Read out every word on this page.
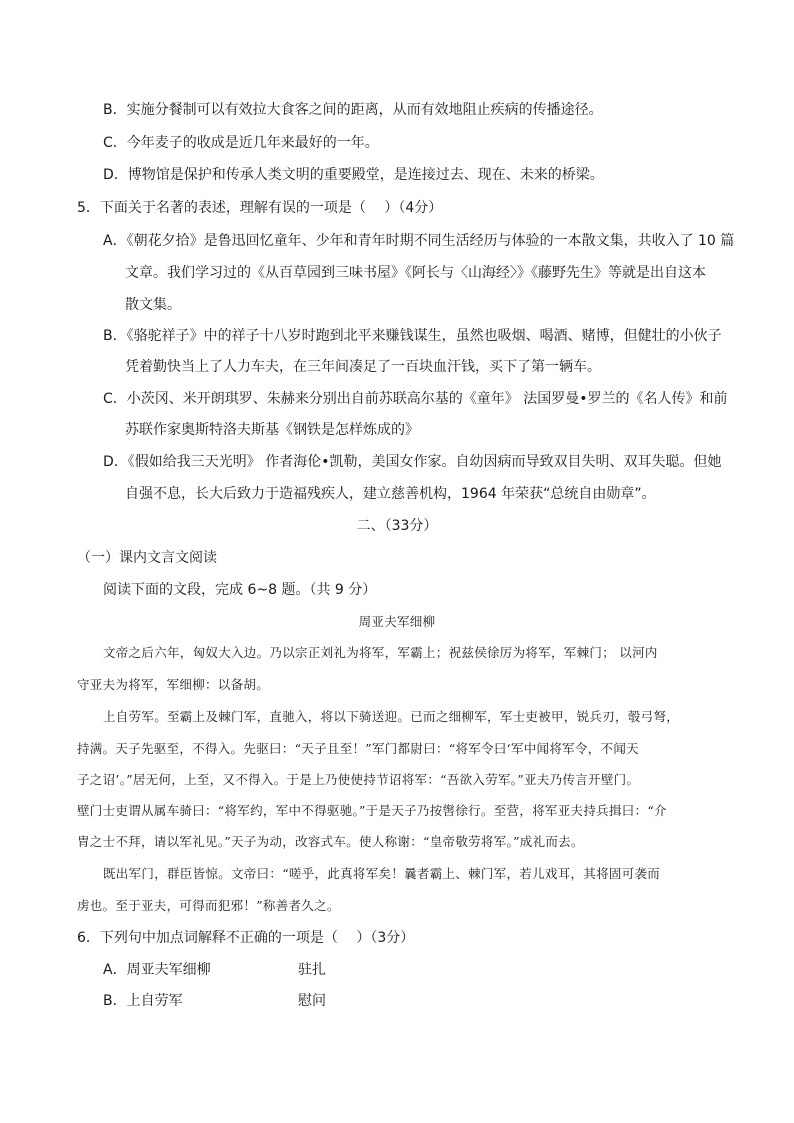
B．实施分餐制可以有效拉大食客之间的距离，从而有效地阻止疾病的传播途径。
C．今年麦子的收成是近几年来最好的一年。
D．博物馆是保护和传承人类文明的重要殿堂，是连接过去、现在、未来的桥梁。
5．下面关于名著的表述，理解有误的一项是（　 ）（4分）
A．《朝花夕拾》是鲁迅回忆童年、少年和青年时期不同生活经历与体验的一本散文集，共收入了 10 篇
文章。我们学习过的《从百草园到三味书屋》《阿长与〈山海经〉》《藤野先生》等就是出自这本
散文集。
B．《骆驼祥子》中的祥子十八岁时跑到北平来赚钱谋生，虽然也吸烟、喝酒、赌博，但健壮的小伙子
凭着勤快当上了人力车夫，在三年间凑足了一百块血汗钱，买下了第一辆车。
C．小茨冈、米开朗琪罗、朱赫来分别出自前苏联高尔基的《童年》 法国罗曼•罗兰的《名人传》和前
苏联作家奥斯特洛夫斯基《钢铁是怎样炼成的》
D．《假如给我三天光明》 作者海伦•凯勒，美国女作家。自幼因病而导致双目失明、双耳失聪。但她
自强不息，长大后致力于造福残疾人，建立慈善机构，1964 年荣获“总统自由勋章”。
二、（33分）
（一）课内文言文阅读
阅读下面的文段，完成 6~8 题。（共 9 分）
周亚夫军细柳
文帝之后六年，匈奴大入边。乃以宗正刘礼为将军，军霸上；祝兹侯徐厉为将军，军棘门； 以河内
守亚夫为将军，军细柳：以备胡。
上自劳军。至霸上及棘门军，直驰入，将以下骑送迎。已而之细柳军，军士吏被甲，锐兵刃，彀弓弩，
持满。天子先驱至，不得入。先驱曰：“天子且至！”军门都尉曰：“将军令曰‘军中闻将军令，不闻天
子之诏’。”居无何，上至，又不得入。于是上乃使使持节诏将军：“吾欲入劳军。”亚夫乃传言开壁门。
壁门士吏谓从属车骑曰：“将军约，军中不得驱驰。”于是天子乃按辔徐行。至营，将军亚夫持兵揖曰：“介
胄之士不拜，请以军礼见。”天子为动，改容式车。使人称谢：“皇帝敬劳将军。”成礼而去。
既出军门，群臣皆惊。文帝曰：“嗟乎，此真将军矣！曩者霸上、棘门军，若儿戏耳，其将固可袭而
虏也。至于亚夫，可得而犯邪！”称善者久之。
6．下列句中加点词解释不正确的一项是（　 ）（3分）
A．周亚夫军细柳	驻扎
B．上自劳军	慰问
